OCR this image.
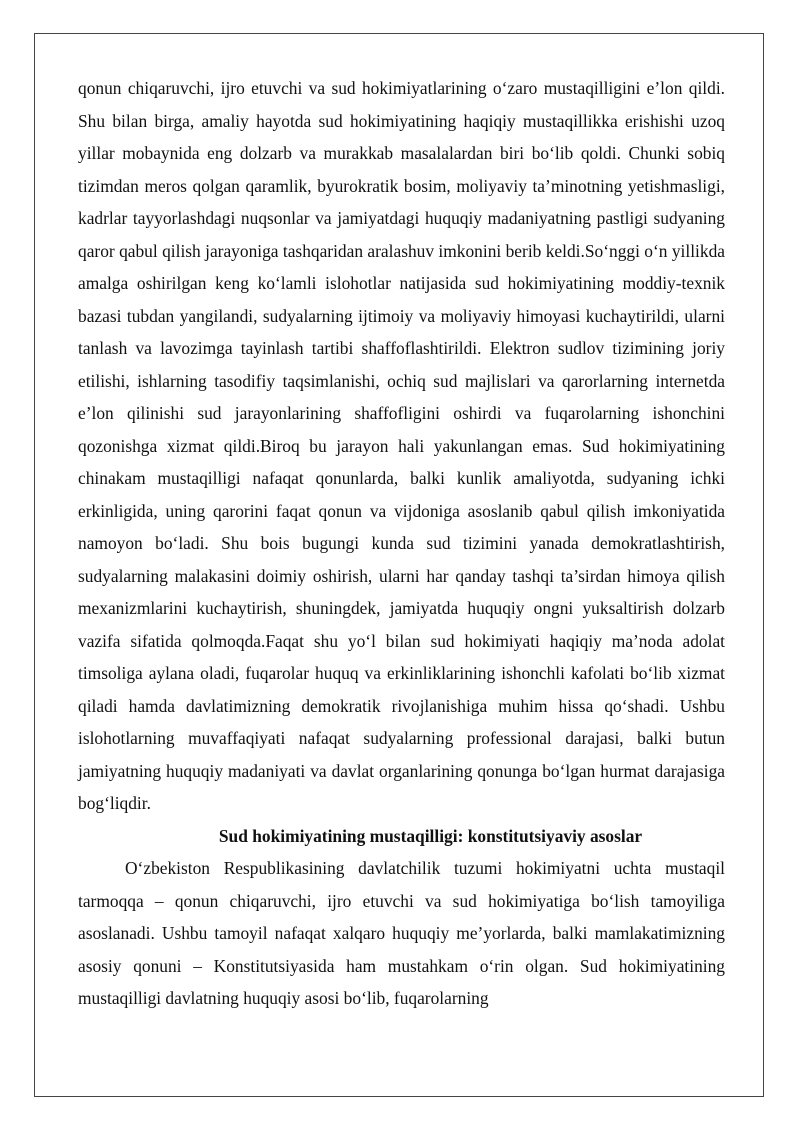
qonun chiqaruvchi, ijro etuvchi va sud hokimiyatlarining o‘zaro mustaqilligini e’lon qildi. Shu bilan birga, amaliy hayotda sud hokimiyatining haqiqiy mustaqillikka erishishi uzoq yillar mobaynida eng dolzarb va murakkab masalalardan biri bo‘lib qoldi. Chunki sobiq tizimdan meros qolgan qaramlik, byurokratik bosim, moliyaviy ta’minotning yetishmasligi, kadrlar tayyorlashdagi nuqsonlar va jamiyatdagi huquqiy madaniyatning pastligi sudyaning qaror qabul qilish jarayoniga tashqaridan aralashuv imkonini berib keldi.So‘nggi o‘n yillikda amalga oshirilgan keng ko‘lamli islohotlar natijasida sud hokimiyatining moddiy-texnik bazasi tubdan yangilandi, sudyalarning ijtimoiy va moliyaviy himoyasi kuchaytirildi, ularni tanlash va lavozimga tayinlash tartibi shaffoflashtirildi. Elektron sudlov tizimining joriy etilishi, ishlarning tasodifiy taqsimlanishi, ochiq sud majlislari va qarorlarning internetda e’lon qilinishi sud jarayonlarining shaffofligini oshirdi va fuqarolarning ishonchini qozonishga xizmat qildi.Biroq bu jarayon hali yakunlangan emas. Sud hokimiyatining chinakam mustaqilligi nafaqat qonunlarda, balki kunlik amaliyotda, sudyaning ichki erkinligida, uning qarorini faqat qonun va vijdoniga asoslanib qabul qilish imkoniyatida namoyon bo‘ladi. Shu bois bugungi kunda sud tizimini yanada demokratlashtirish, sudyalarning malakasini doimiy oshirish, ularni har qanday tashqi ta’sirdan himoya qilish mexanizmlarini kuchaytirish, shuningdek, jamiyatda huquqiy ongni yuksaltirish dolzarb vazifa sifatida qolmoqda.Faqat shu yo‘l bilan sud hokimiyati haqiqiy ma’noda adolat timsoliga aylana oladi, fuqarolar huquq va erkinliklarining ishonchli kafolati bo‘lib xizmat qiladi hamda davlatimizning demokratik rivojlanishiga muhim hissa qo‘shadi. Ushbu islohotlarning muvaffaqiyati nafaqat sudyalarning professional darajasi, balki butun jamiyatning huquqiy madaniyati va davlat organlarining qonunga bo‘lgan hurmat darajasiga bog‘liqdir.

Sud hokimiyatining mustaqilligi: konstitutsiyaviy asoslar

O‘zbekiston Respublikasining davlatchilik tuzumi hokimiyatni uchta mustaqil tarmoqqa – qonun chiqaruvchi, ijro etuvchi va sud hokimiyatiga bo‘lish tamoyiliga asoslanadi. Ushbu tamoyil nafaqat xalqaro huquqiy me’yorlarda, balki mamlakatimizning asosiy qonuni – Konstitutsiyasida ham mustahkam o‘rin olgan. Sud hokimiyatining mustaqilligi davlatning huquqiy asosi bo‘lib, fuqarolarning
